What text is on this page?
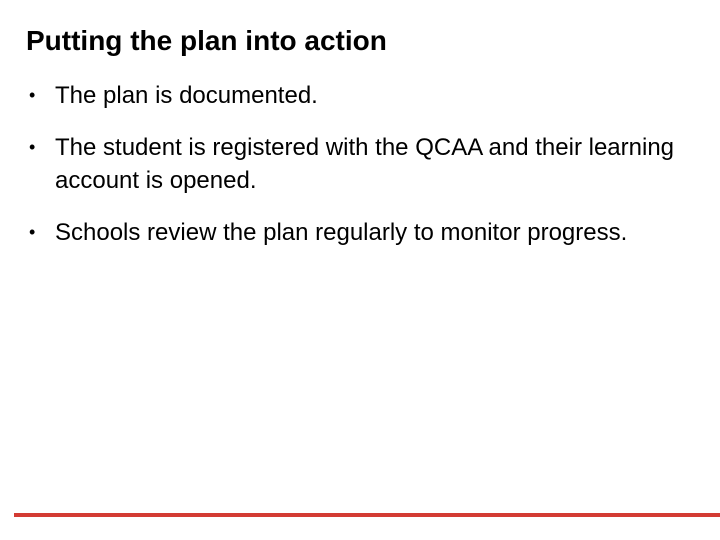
Putting the plan into action
• The plan is documented.
• The student is registered with the QCAA and their learning account is opened.
• Schools review the plan regularly to monitor progress.
